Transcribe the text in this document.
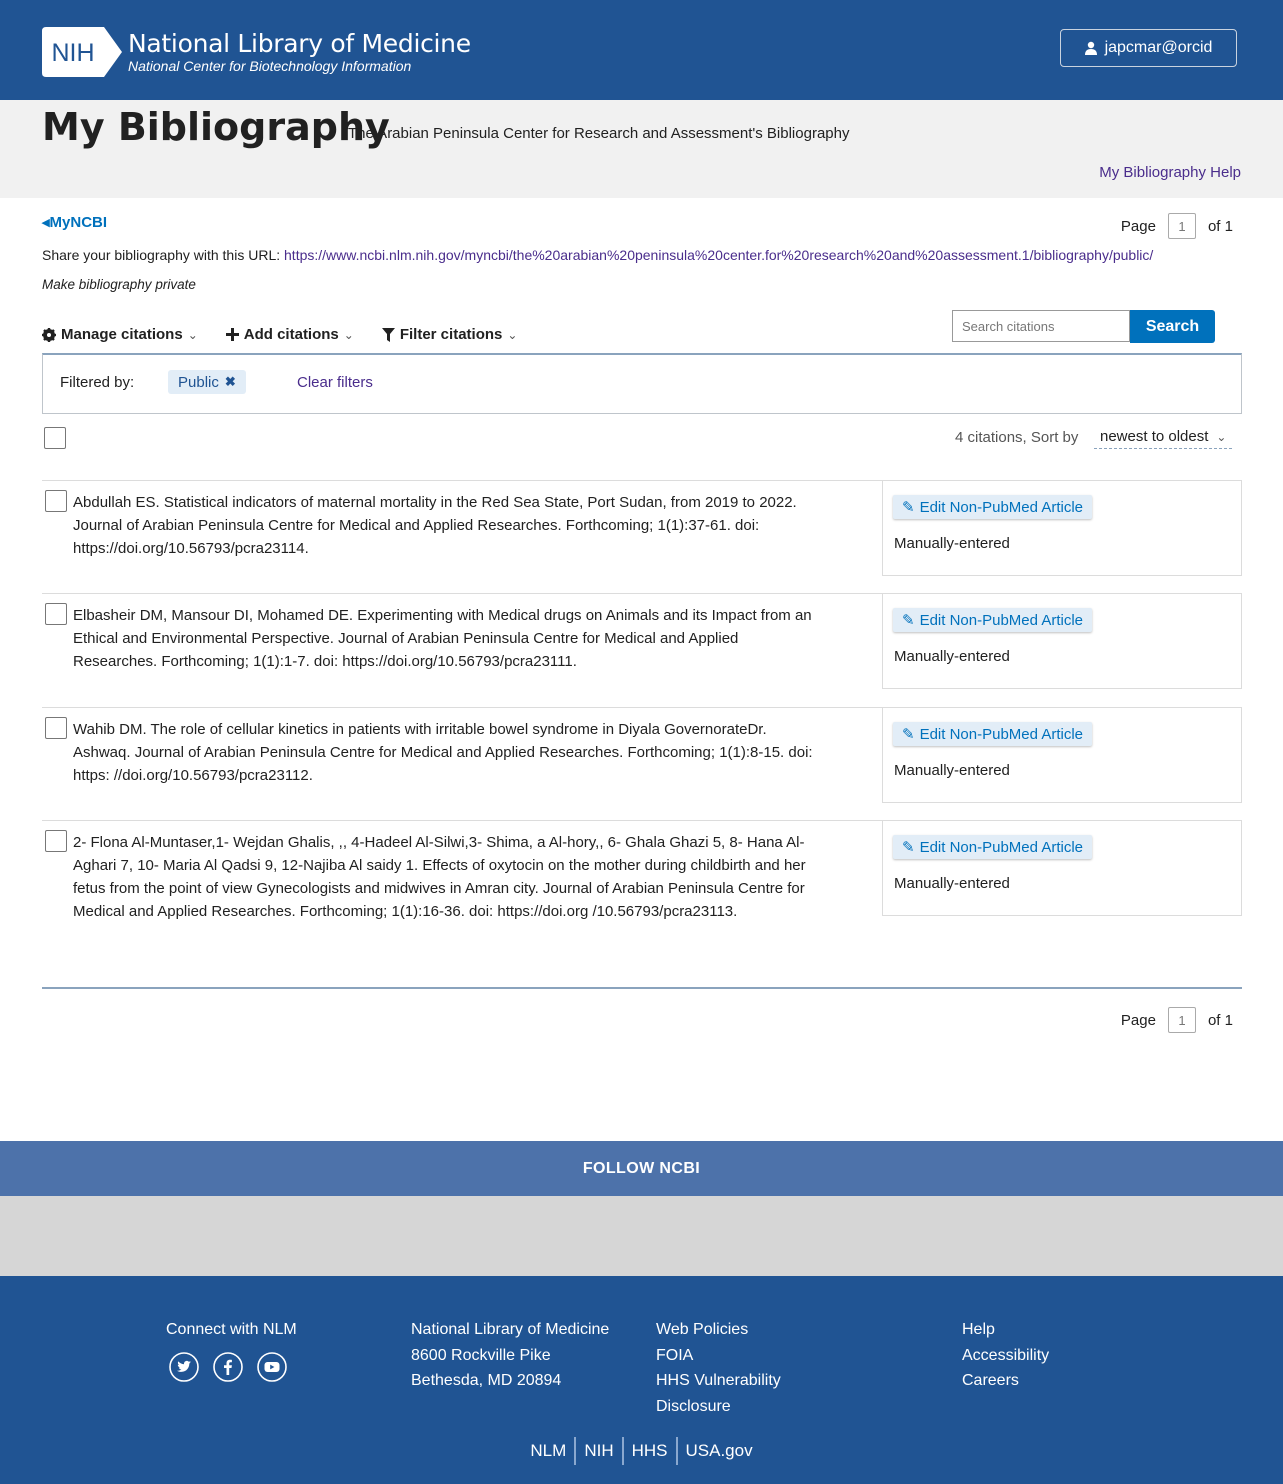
NIH National Library of Medicine
National Center for Biotechnology Information
japcmar@orcid
My Bibliography
The Arabian Peninsula Center for Research and Assessment's Bibliography
My Bibliography Help
◂MyNCBI	Page	1	of 1
Share your bibliography with this URL: https://www.ncbi.nlm.nih.gov/myncbi/the%20arabian%20peninsula%20center.for%20research%20and%20assessment.1/bibliography/public/
Make bibliography private
Manage citations ⌄	Add citations ⌄	Filter citations ⌄
Search citations	Search
Filtered by:	Public ✖	Clear filters
4 citations, Sort by newest to oldest ⌄
Abdullah ES. Statistical indicators of maternal mortality in the Red Sea State, Port Sudan, from 2019 to 2022. Journal of Arabian Peninsula Centre for Medical and Applied Researches. Forthcoming; 1(1):37-61. doi: https://doi.org/10.56793/pcra23114.
✎ Edit Non-PubMed Article
Manually-entered
Elbasheir DM, Mansour DI, Mohamed DE. Experimenting with Medical drugs on Animals and its Impact from an Ethical and Environmental Perspective. Journal of Arabian Peninsula Centre for Medical and Applied Researches. Forthcoming; 1(1):1-7. doi: https://doi.org/10.56793/pcra23111.
✎ Edit Non-PubMed Article
Manually-entered
Wahib DM. The role of cellular kinetics in patients with irritable bowel syndrome in Diyala GovernorateDr. Ashwaq. Journal of Arabian Peninsula Centre for Medical and Applied Researches. Forthcoming; 1(1):8-15. doi: https: //doi.org/10.56793/pcra23112.
✎ Edit Non-PubMed Article
Manually-entered
2- Flona Al-Muntaser,1- Wejdan Ghalis, ,, 4-Hadeel Al-Silwi,3- Shima, a Al-hory,, 6- Ghala Ghazi 5, 8- Hana Al- Aghari 7, 10- Maria Al Qadsi 9, 12-Najiba Al saidy 1. Effects of oxytocin on the mother during childbirth and her fetus from the point of view Gynecologists and midwives in Amran city. Journal of Arabian Peninsula Centre for Medical and Applied Researches. Forthcoming; 1(1):16-36. doi: https://doi.org /10.56793/pcra23113.
✎ Edit Non-PubMed Article
Manually-entered
Page	1	of 1
FOLLOW NCBI

Connect with NLM	National Library of Medicine
8600 Rockville Pike
Bethesda, MD 20894
Web Policies
FOIA
HHS Vulnerability
Disclosure
Help
Accessibility
Careers
NLM	NIH	HHS	USA.gov
